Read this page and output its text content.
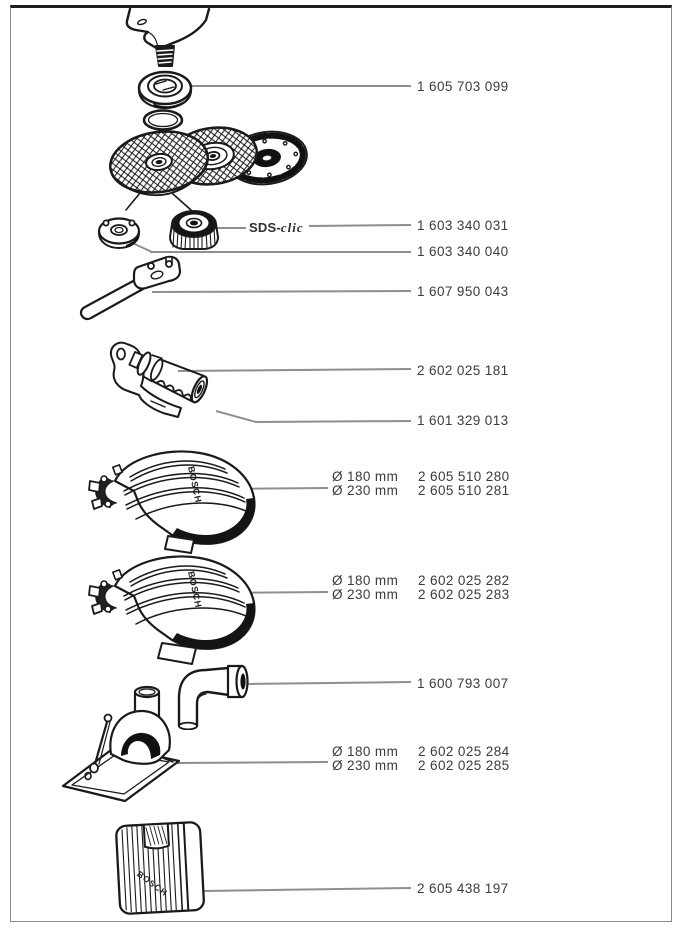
1 605 703 099
SDS-clic	1 603 340 031
1 603 340 040
1 607 950 043
2 602 025 181
1 601 329 013
Ø 180 mm	2 605 510 280
Ø 230 mm	2 605 510 281
Ø 180 mm	2 602 025 282
Ø 230 mm	2 602 025 283
1 600 793 007
Ø 180 mm	2 602 025 284
Ø 230 mm	2 602 025 285
2 605 438 197
BOSCH
BOSCH
BOSCH
